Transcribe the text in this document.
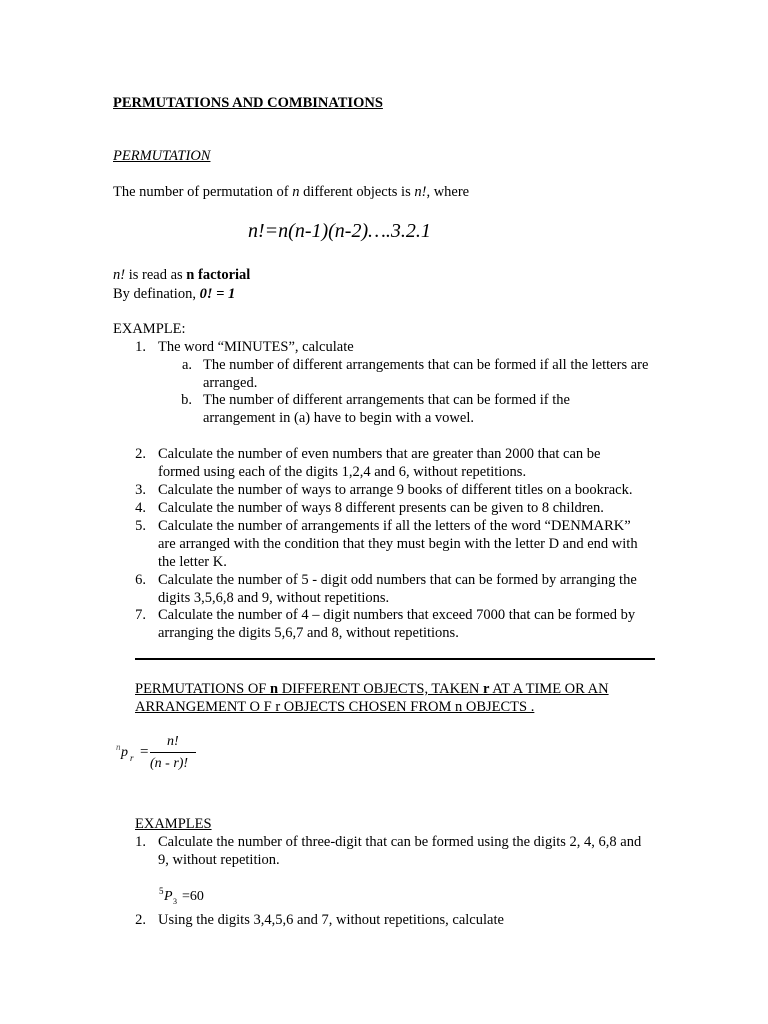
PERMUTATIONS AND COMBINATIONS
PERMUTATION
The number of permutation of n different objects is n!, where
n!=n(n-1)(n-2)….3.2.1
n! is read as n factorial
By defination, 0! = 1
EXAMPLE:
1. The word “MINUTES”, calculate
a. The number of different arrangements that can be formed if all the letters are arranged.
b. The number of different arrangements that can be formed if the arrangement in (a) have to begin with a vowel.
2. Calculate the number of even numbers that are greater than 2000 that can be formed using each of the digits 1,2,4 and 6, without repetitions.
3. Calculate the number of ways to arrange 9 books of different titles on a bookrack.
4. Calculate the number of ways 8 different presents can be given to 8 children.
5. Calculate the number of arrangements if all the letters of the word “DENMARK” are arranged with the condition that they must begin with the letter D and end with the letter K.
6. Calculate the number of 5 - digit odd numbers that can be formed by arranging the digits 3,5,6,8 and 9, without repetitions.
7. Calculate the number of 4 – digit numbers that exceed 7000 that can be formed by arranging the digits 5,6,7 and 8, without repetitions.
PERMUTATIONS OF n DIFFERENT OBJECTS, TAKEN r AT A TIME OR AN
ARRANGEMENT O F r OBJECTS CHOSEN FROM n OBJECTS .
n p r =
n!
(n - r)!
EXAMPLES
1. Calculate the number of three-digit that can be formed using the digits 2, 4, 6,8 and 9, without repetition.
5 P 3 =60
2. Using the digits 3,4,5,6 and 7, without repetitions, calculate
